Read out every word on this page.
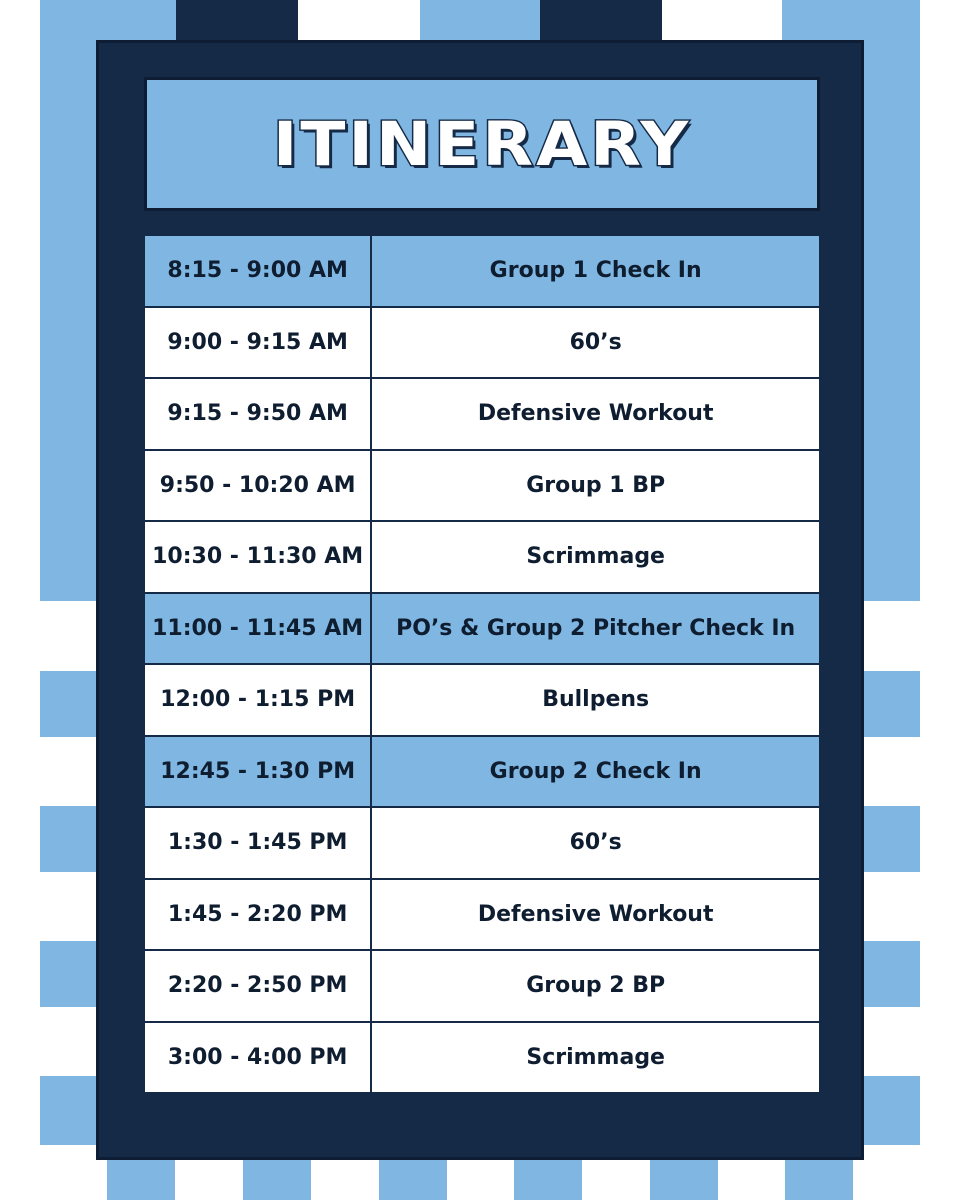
ITINERARY
8:15 - 9:00 AM	Group 1 Check In
9:00 - 9:15 AM	60’s
9:15 - 9:50 AM	Defensive Workout
9:50 - 10:20 AM	Group 1 BP
10:30 - 11:30 AM	Scrimmage
11:00 - 11:45 AM	PO’s & Group 2 Pitcher Check In
12:00 - 1:15 PM	Bullpens
12:45 - 1:30 PM	Group 2 Check In
1:30 - 1:45 PM	60’s
1:45 - 2:20 PM	Defensive Workout
2:20 - 2:50 PM	Group 2 BP
3:00 - 4:00 PM	Scrimmage
